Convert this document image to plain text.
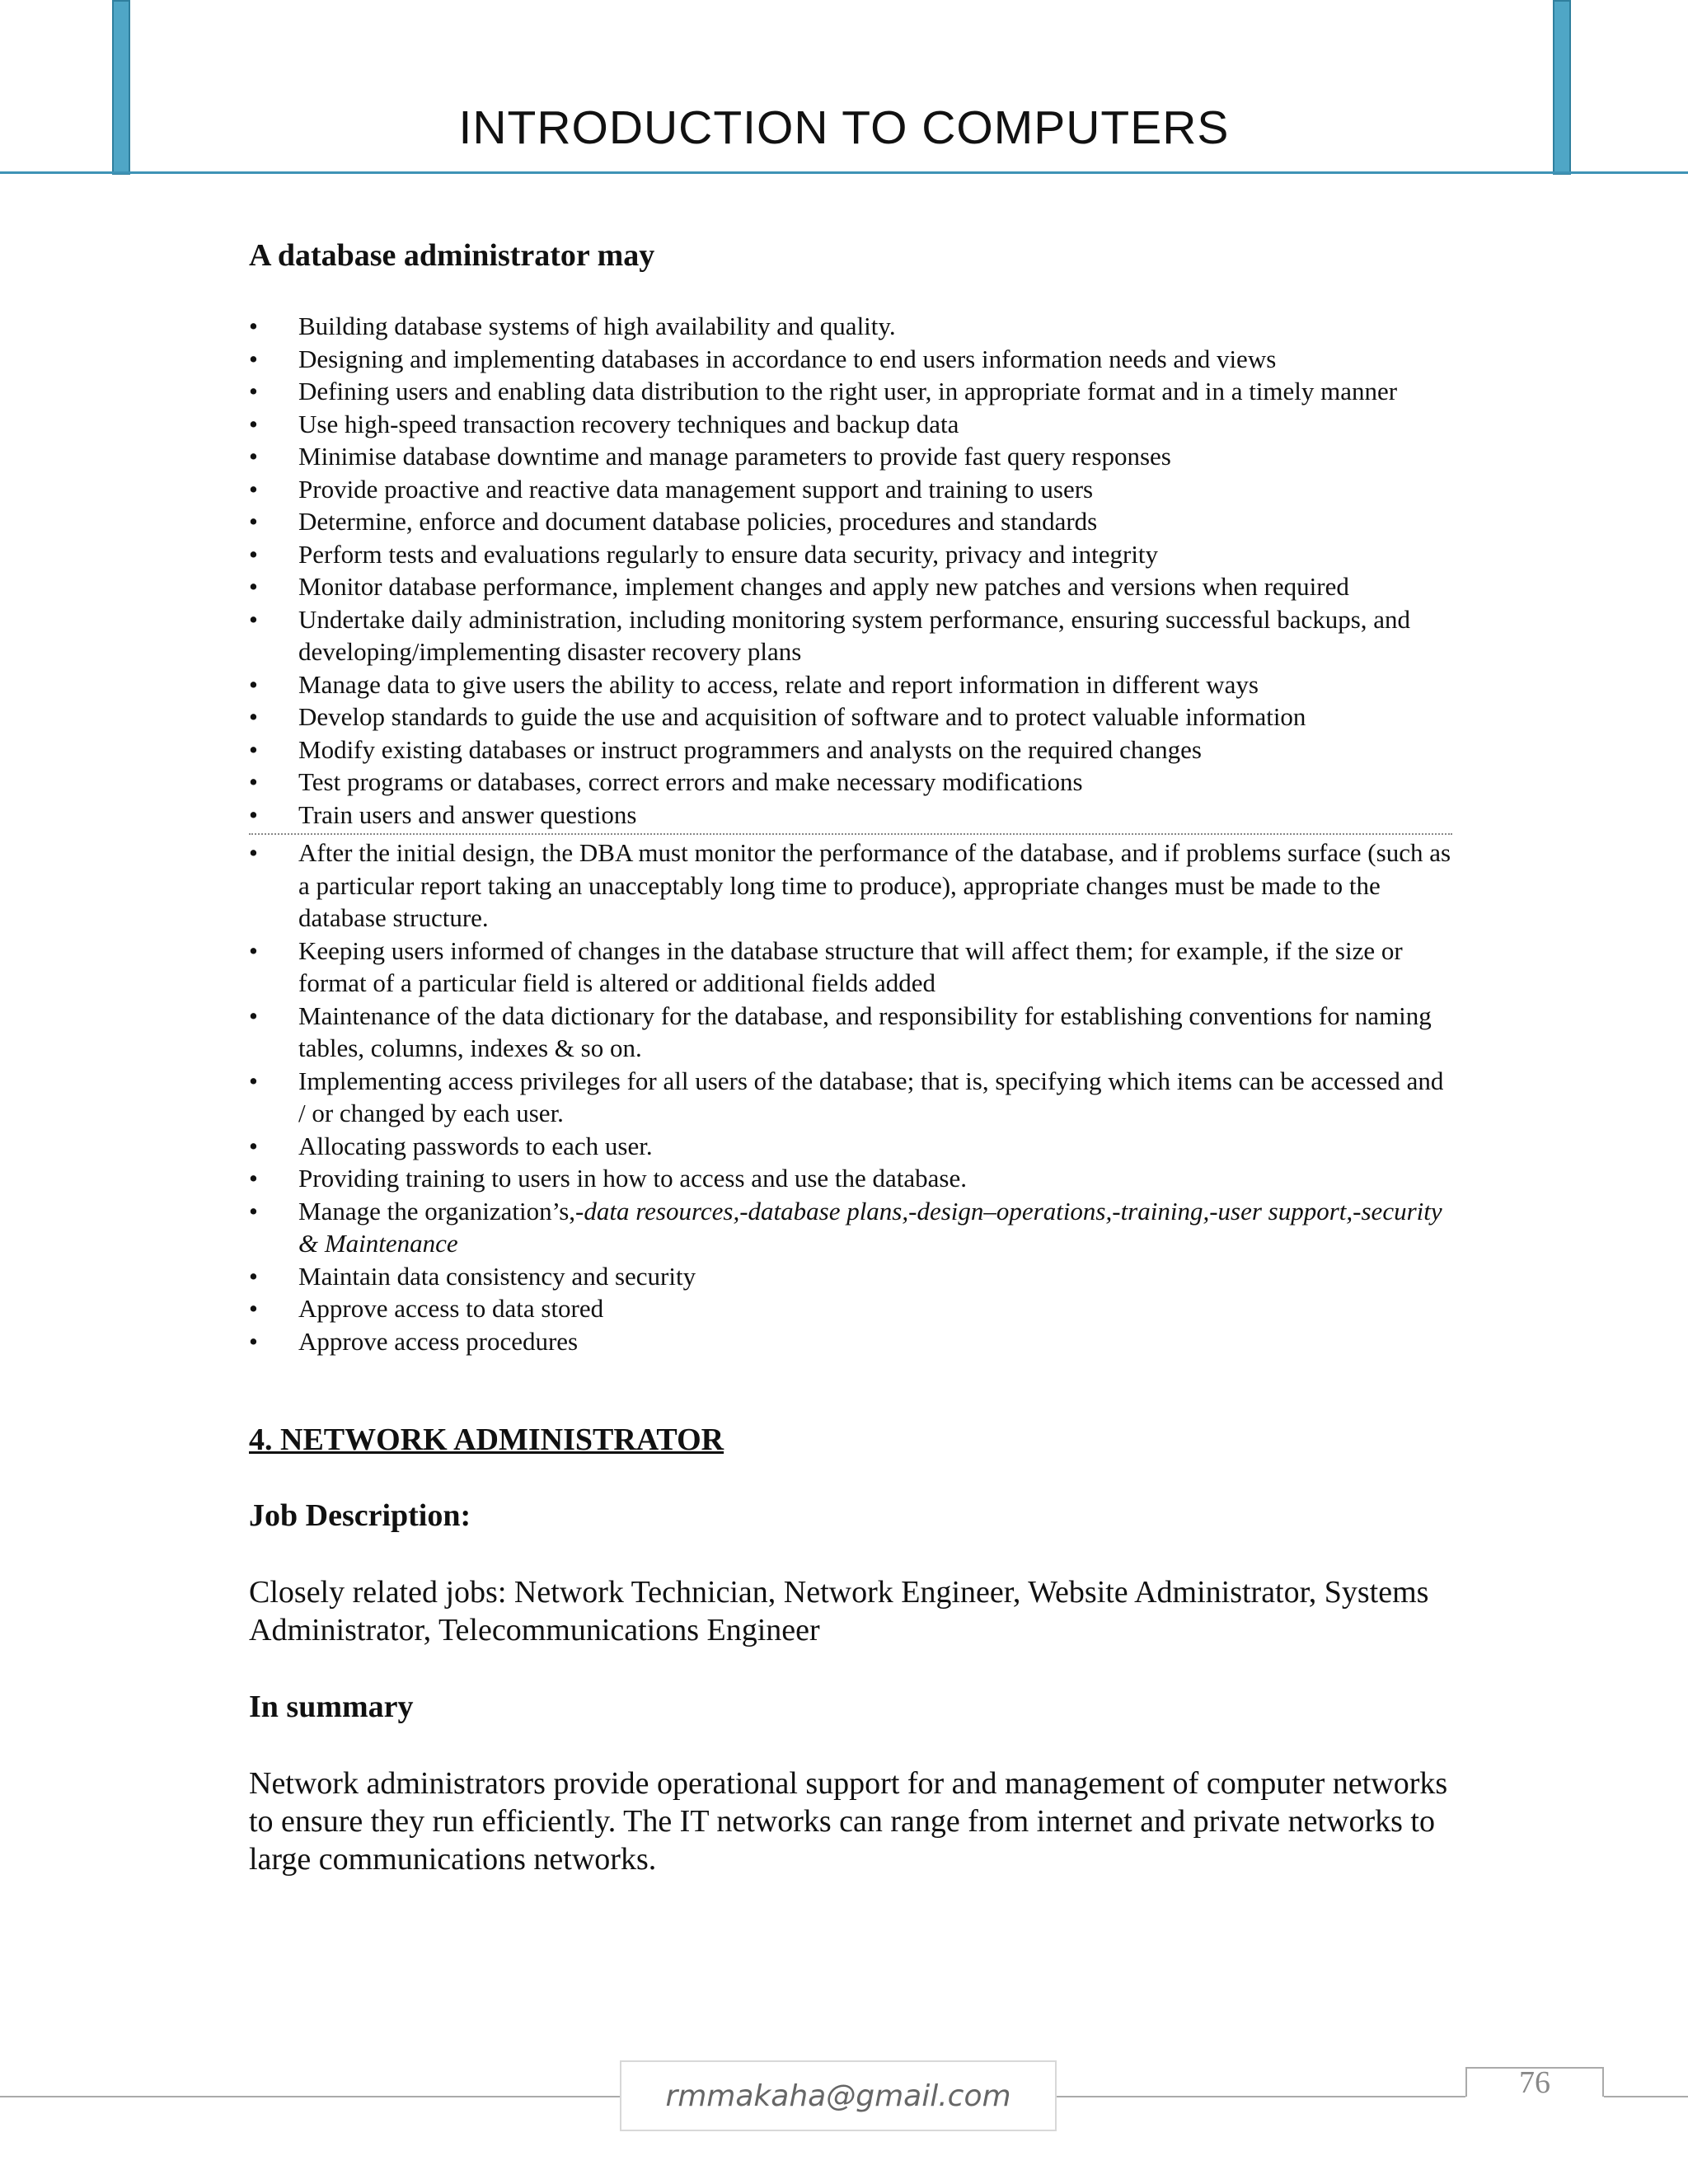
INTRODUCTION TO COMPUTERS

A database administrator may

• Building database systems of high availability and quality.
• Designing and implementing databases in accordance to end users information needs and views
• Defining users and enabling data distribution to the right user, in appropriate format and in a timely manner
• Use high-speed transaction recovery techniques and backup data
• Minimise database downtime and manage parameters to provide fast query responses
• Provide proactive and reactive data management support and training to users
• Determine, enforce and document database policies, procedures and standards
• Perform tests and evaluations regularly to ensure data security, privacy and integrity
• Monitor database performance, implement changes and apply new patches and versions when required
• Undertake daily administration, including monitoring system performance, ensuring successful backups, and developing/implementing disaster recovery plans
• Manage data to give users the ability to access, relate and report information in different ways
• Develop standards to guide the use and acquisition of software and to protect valuable information
• Modify existing databases or instruct programmers and analysts on the required changes
• Test programs or databases, correct errors and make necessary modifications
• Train users and answer questions
• After the initial design, the DBA must monitor the performance of the database, and if problems surface (such as a particular report taking an unacceptably long time to produce), appropriate changes must be made to the database structure.
• Keeping users informed of changes in the database structure that will affect them; for example, if the size or format of a particular field is altered or additional fields added
• Maintenance of the data dictionary for the database, and responsibility for establishing conventions for naming tables, columns, indexes & so on.
• Implementing access privileges for all users of the database; that is, specifying which items can be accessed and / or changed by each user.
• Allocating passwords to each user.
• Providing training to users in how to access and use the database.
• Manage the organization’s,-data resources,-database plans,-design–operations,-training,-user support,-security & Maintenance
• Maintain data consistency and security
• Approve access to data stored
• Approve access procedures

4. NETWORK ADMINISTRATOR

Job Description:

Closely related jobs: Network Technician, Network Engineer, Website Administrator, Systems Administrator, Telecommunications Engineer

In summary

Network administrators provide operational support for and management of computer networks to ensure they run efficiently. The IT networks can range from internet and private networks to large communications networks.

rmmakaha@gmail.com	76
